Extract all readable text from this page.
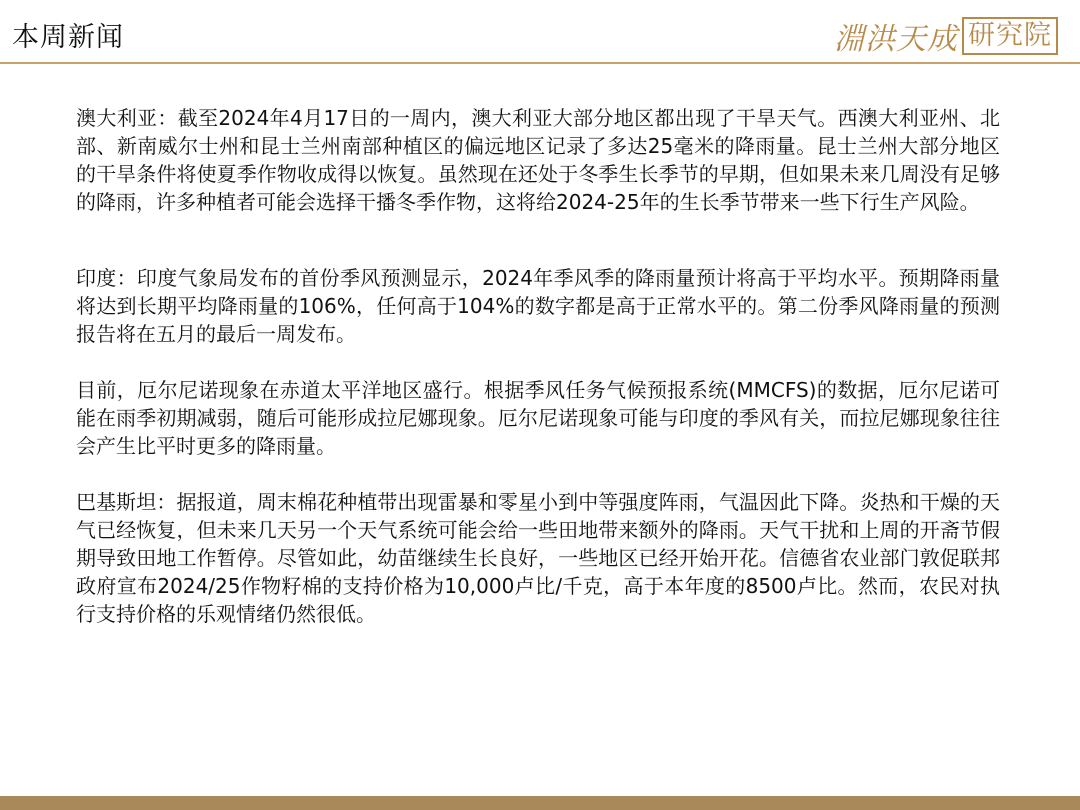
本周新闻	淵洪天成 研究院

澳大利亚：截至2024年4月17日的一周内，澳大利亚大部分地区都出现了干旱天气。西澳大利亚州、北部、新南威尔士州和昆士兰州南部种植区的偏远地区记录了多达25毫米的降雨量。昆士兰州大部分地区的干旱条件将使夏季作物收成得以恢复。虽然现在还处于冬季生长季节的早期，但如果未来几周没有足够的降雨，许多种植者可能会选择干播冬季作物，这将给2024-25年的生长季节带来一些下行生产风险。

印度：印度气象局发布的首份季风预测显示，2024年季风季的降雨量预计将高于平均水平。预期降雨量将达到长期平均降雨量的106%，任何高于104%的数字都是高于正常水平的。第二份季风降雨量的预测报告将在五月的最后一周发布。

目前，厄尔尼诺现象在赤道太平洋地区盛行。根据季风任务气候预报系统(MMCFS)的数据，厄尔尼诺可能在雨季初期减弱，随后可能形成拉尼娜现象。厄尔尼诺现象可能与印度的季风有关，而拉尼娜现象往往会产生比平时更多的降雨量。

巴基斯坦：据报道，周末棉花种植带出现雷暴和零星小到中等强度阵雨，气温因此下降。炎热和干燥的天气已经恢复，但未来几天另一个天气系统可能会给一些田地带来额外的降雨。天气干扰和上周的开斋节假期导致田地工作暂停。尽管如此，幼苗继续生长良好，一些地区已经开始开花。信德省农业部门敦促联邦政府宣布2024/25作物籽棉的支持价格为10,000卢比/千克，高于本年度的8500卢比。然而，农民对执行支持价格的乐观情绪仍然很低。
